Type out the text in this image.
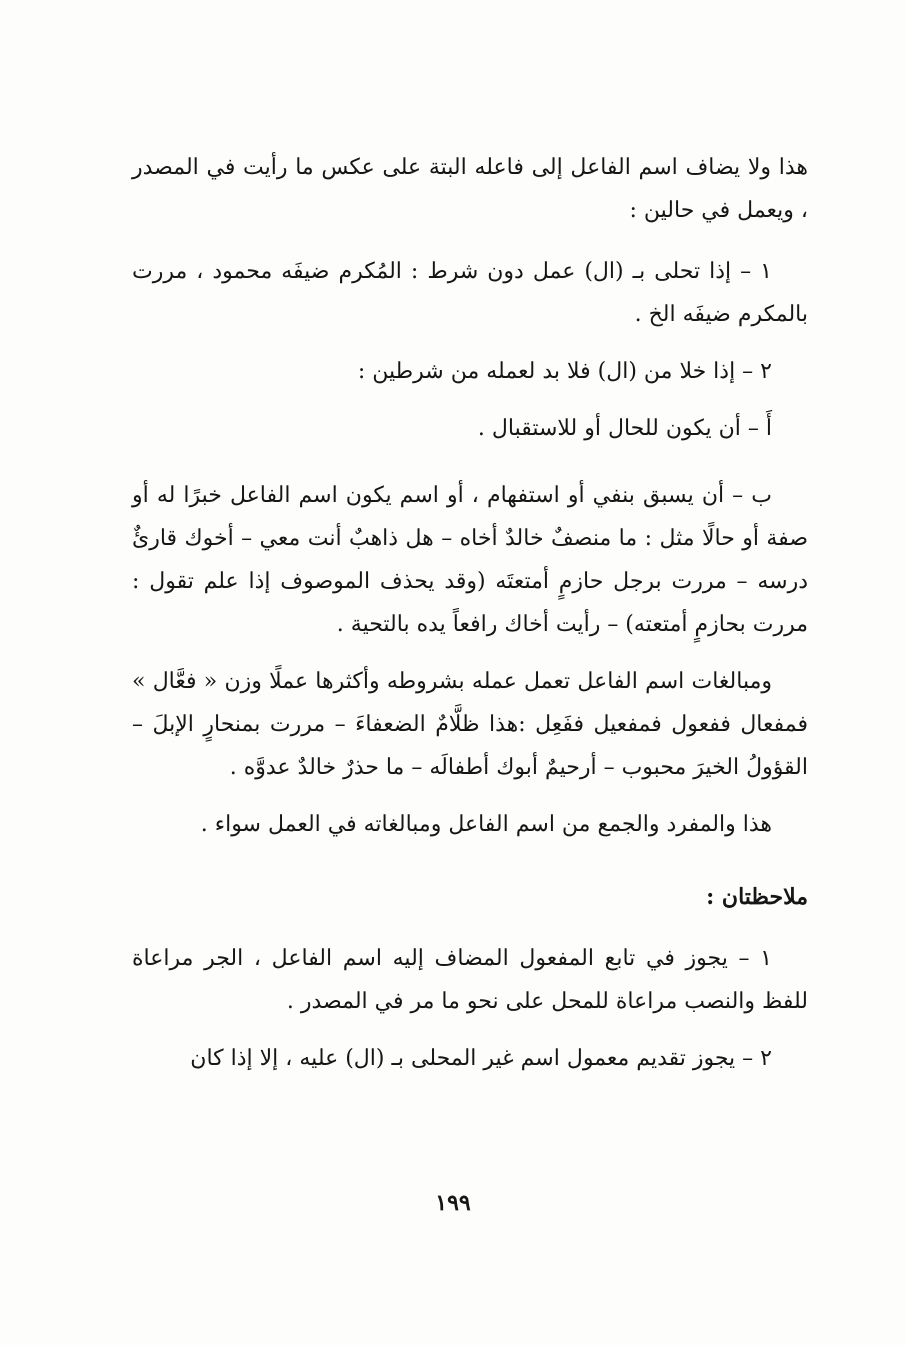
هذا ولا يضاف اسم الفاعل إلى فاعله البتة على عكس ما رأيت في المصدر ، ويعمل في حالين :

١ – إذا تحلى بـ (ال) عمل دون شرط : المُكرم ضيفَه محمود ، مررت بالمكرم ضيفَه الخ .

٢ – إذا خلا من (ال) فلا بد لعمله من شرطين :

أَ – أن يكون للحال أو للاستقبال .

ب – أن يسبق بنفي أو استفهام ، أو اسم يكون اسم الفاعل خبرًا له أو صفة أو حالًا مثل : ما منصفٌ خالدٌ أخاه – هل ذاهبٌ أنت معي – أخوك قارئٌ درسه – مررت برجل حازمٍ أمتعتَه (وقد يحذف الموصوف إذا علم تقول : مررت بحازمٍ أمتعته) – رأيت أخاك رافعاً يده بالتحية .

ومبالغات اسم الفاعل تعمل عمله بشروطه وأكثرها عملًا وزن « فعَّال » فمفعال ففعول فمفعيل ففَعِل :هذا ظلَّامٌ الضعفاءَ – مررت بمنحارٍ الإبلَ – القؤولُ الخيرَ محبوب – أرحيمٌ أبوك أطفالَه – ما حذرٌ خالدٌ عدوَّه .

هذا والمفرد والجمع من اسم الفاعل ومبالغاته في العمل سواء .

ملاحظتان :

١ – يجوز في تابع المفعول المضاف إليه اسم الفاعل ، الجر مراعاة للفظ والنصب مراعاة للمحل على نحو ما مر في المصدر .

٢ – يجوز تقديم معمول اسم غير المحلى بـ (ال) عليه ، إلا إذا كان

١٩٩
